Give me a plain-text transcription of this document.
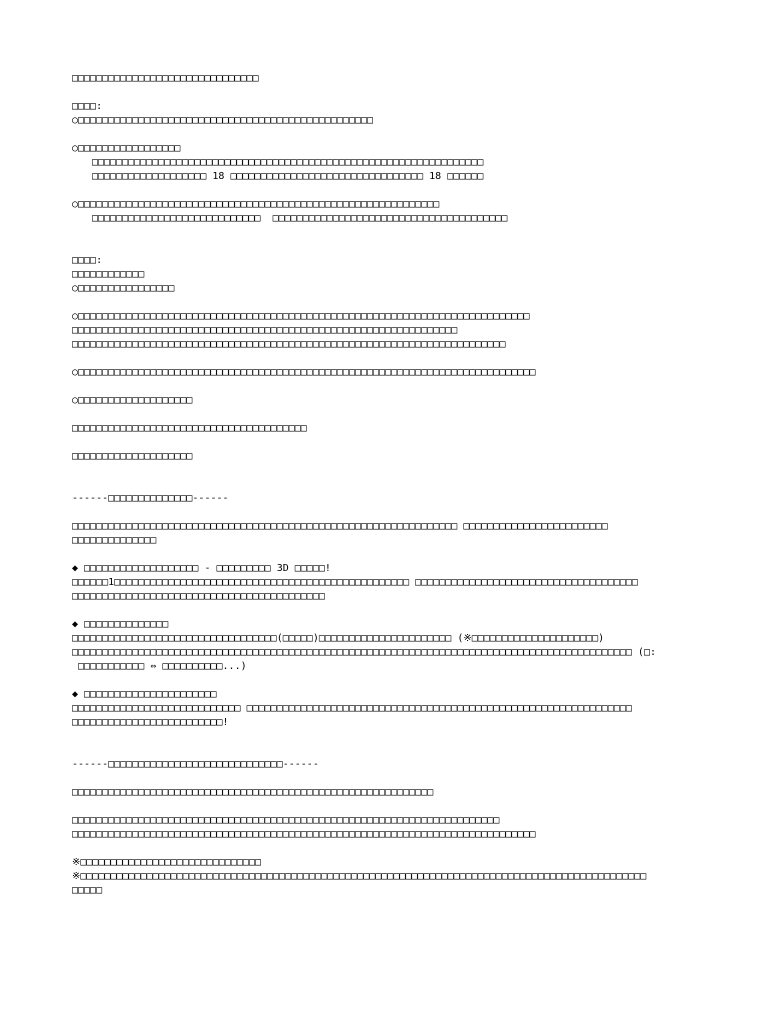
□□□□□□□□□□□□□□□□□□□□□□□□□□□□□□□
□□□□:
○□□□□□□□□□□□□□□□□□□□□□□□□□□□□□□□□□□□□□□□□□□□□□□□□□
○□□□□□□□□□□□□□□□□□
□□□□□□□□□□□□□□□□□□□□□□□□□□□□□□□□□□□□□□□□□□□□□□□□□□□□□□□□□□□□□□□□□
□□□□□□□□□□□□□□□□□□□ 18 □□□□□□□□□□□□□□□□□□□□□□□□□□□□□□□□ 18 □□□□□□
○□□□□□□□□□□□□□□□□□□□□□□□□□□□□□□□□□□□□□□□□□□□□□□□□□□□□□□□□□□□□
□□□□□□□□□□□□□□□□□□□□□□□□□□□□  □□□□□□□□□□□□□□□□□□□□□□□□□□□□□□□□□□□□□□□
□□□□:
□□□□□□□□□□□□
○□□□□□□□□□□□□□□□□
○□□□□□□□□□□□□□□□□□□□□□□□□□□□□□□□□□□□□□□□□□□□□□□□□□□□□□□□□□□□□□□□□□□□□□□□□□□□
□□□□□□□□□□□□□□□□□□□□□□□□□□□□□□□□□□□□□□□□□□□□□□□□□□□□□□□□□□□□□□□□
□□□□□□□□□□□□□□□□□□□□□□□□□□□□□□□□□□□□□□□□□□□□□□□□□□□□□□□□□□□□□□□□□□□□□□□□
○□□□□□□□□□□□□□□□□□□□□□□□□□□□□□□□□□□□□□□□□□□□□□□□□□□□□□□□□□□□□□□□□□□□□□□□□□□□□
○□□□□□□□□□□□□□□□□□□□
□□□□□□□□□□□□□□□□□□□□□□□□□□□□□□□□□□□□□□□
□□□□□□□□□□□□□□□□□□□□
------□□□□□□□□□□□□□□------
□□□□□□□□□□□□□□□□□□□□□□□□□□□□□□□□□□□□□□□□□□□□□□□□□□□□□□□□□□□□□□□□ □□□□□□□□□□□□□□□□□□□□□□□□
□□□□□□□□□□□□□□
◆ □□□□□□□□□□□□□□□□□□□ - □□□□□□□□□ 3D □□□□□!
□□□□□□1□□□□□□□□□□□□□□□□□□□□□□□□□□□□□□□□□□□□□□□□□□□□□□□□□ □□□□□□□□□□□□□□□□□□□□□□□□□□□□□□□□□□□□□
□□□□□□□□□□□□□□□□□□□□□□□□□□□□□□□□□□□□□□□□□□
◆ □□□□□□□□□□□□□□
□□□□□□□□□□□□□□□□□□□□□□□□□□□□□□□□□□(□□□□□)□□□□□□□□□□□□□□□□□□□□□□ (※□□□□□□□□□□□□□□□□□□□□□)
□□□□□□□□□□□□□□□□□□□□□□□□□□□□□□□□□□□□□□□□□□□□□□□□□□□□□□□□□□□□□□□□□□□□□□□□□□□□□□□□□□□□□□□□□□□□□ (□:
□□□□□□□□□□□ ⇔ □□□□□□□□□□...)
◆ □□□□□□□□□□□□□□□□□□□□□□
□□□□□□□□□□□□□□□□□□□□□□□□□□□□ □□□□□□□□□□□□□□□□□□□□□□□□□□□□□□□□□□□□□□□□□□□□□□□□□□□□□□□□□□□□□□□□
□□□□□□□□□□□□□□□□□□□□□□□□□!
------□□□□□□□□□□□□□□□□□□□□□□□□□□□□□------
□□□□□□□□□□□□□□□□□□□□□□□□□□□□□□□□□□□□□□□□□□□□□□□□□□□□□□□□□□□□
□□□□□□□□□□□□□□□□□□□□□□□□□□□□□□□□□□□□□□□□□□□□□□□□□□□□□□□□□□□□□□□□□□□□□□□
□□□□□□□□□□□□□□□□□□□□□□□□□□□□□□□□□□□□□□□□□□□□□□□□□□□□□□□□□□□□□□□□□□□□□□□□□□□□□
※□□□□□□□□□□□□□□□□□□□□□□□□□□□□□□
※□□□□□□□□□□□□□□□□□□□□□□□□□□□□□□□□□□□□□□□□□□□□□□□□□□□□□□□□□□□□□□□□□□□□□□□□□□□□□□□□□□□□□□□□□□□□□□
□□□□□
